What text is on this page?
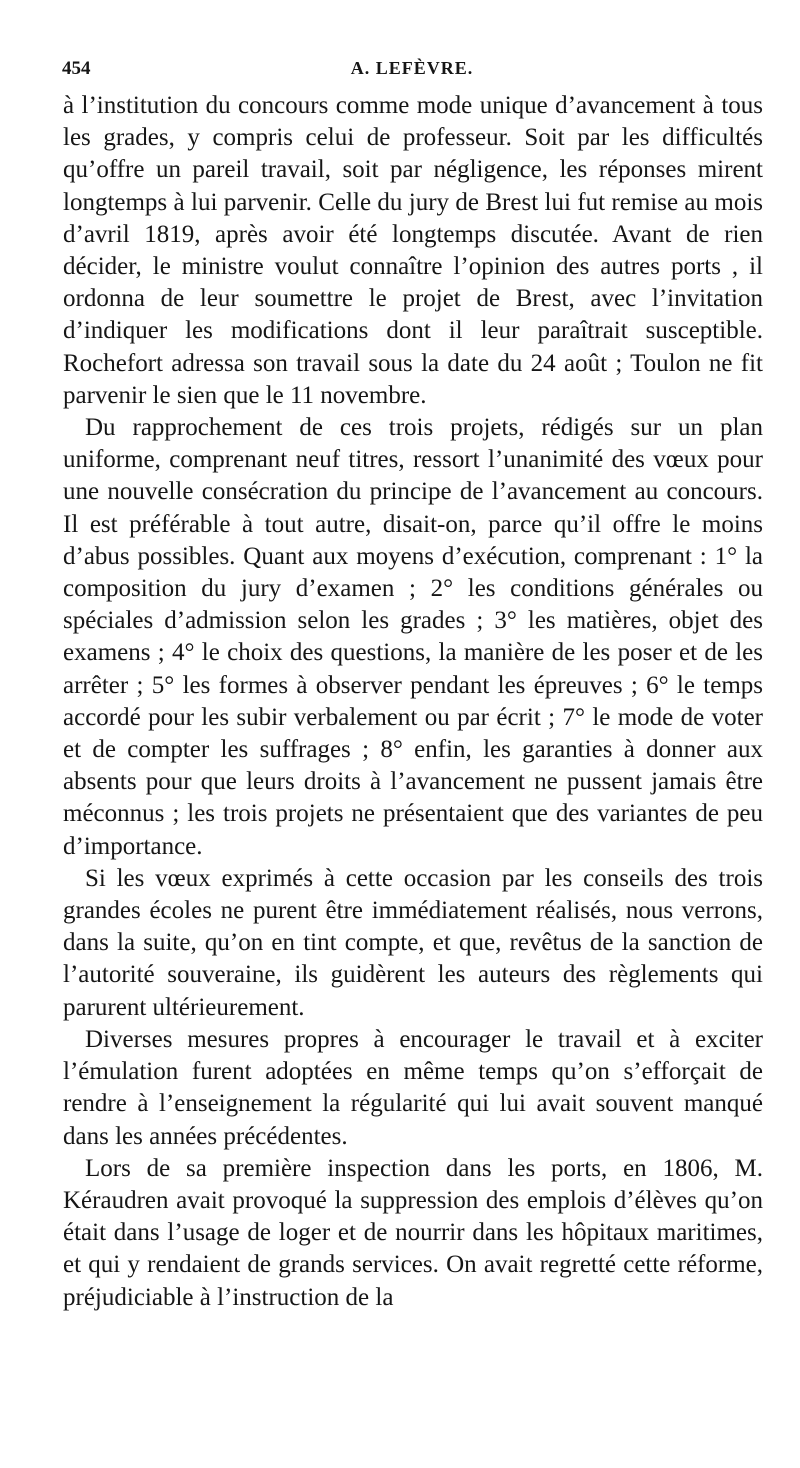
454	A. LEFÈVRE.

à l’institution du concours comme mode unique d’avancement à tous les grades, y compris celui de professeur. Soit par les difficultés qu’offre un pareil travail, soit par négligence, les réponses mirent longtemps à lui parvenir. Celle du jury de Brest lui fut remise au mois d’avril 1819, après avoir été longtemps discutée. Avant de rien décider, le ministre voulut connaître l’opinion des autres ports , il ordonna de leur soumettre le projet de Brest, avec l’invitation d’indiquer les modifications dont il leur paraîtrait susceptible. Rochefort adressa son travail sous la date du 24 août ; Toulon ne fit parvenir le sien que le 11 novembre.

Du rapprochement de ces trois projets, rédigés sur un plan uniforme, comprenant neuf titres, ressort l’unanimité des vœux pour une nouvelle consécration du principe de l’avancement au concours. Il est préférable à tout autre, disait-on, parce qu’il offre le moins d’abus possibles. Quant aux moyens d’exécution, comprenant : 1° la composition du jury d’examen ; 2° les conditions générales ou spéciales d’admission selon les grades ; 3° les matières, objet des examens ; 4° le choix des questions, la manière de les poser et de les arrêter ; 5° les formes à observer pendant les épreuves ; 6° le temps accordé pour les subir verbalement ou par écrit ; 7° le mode de voter et de compter les suffrages ; 8° enfin, les garanties à donner aux absents pour que leurs droits à l’avancement ne pussent jamais être méconnus ; les trois projets ne présentaient que des variantes de peu d’importance.

Si les vœux exprimés à cette occasion par les conseils des trois grandes écoles ne purent être immédiatement réalisés, nous verrons, dans la suite, qu’on en tint compte, et que, revêtus de la sanction de l’autorité souveraine, ils guidèrent les auteurs des règlements qui parurent ultérieurement.

Diverses mesures propres à encourager le travail et à exciter l’émulation furent adoptées en même temps qu’on s’efforçait de rendre à l’enseignement la régularité qui lui avait souvent manqué dans les années précédentes.

Lors de sa première inspection dans les ports, en 1806, M. Kéraudren avait provoqué la suppression des emplois d’élèves qu’on était dans l’usage de loger et de nourrir dans les hôpitaux maritimes, et qui y rendaient de grands services. On avait regretté cette réforme, préjudiciable à l’instruction de la
